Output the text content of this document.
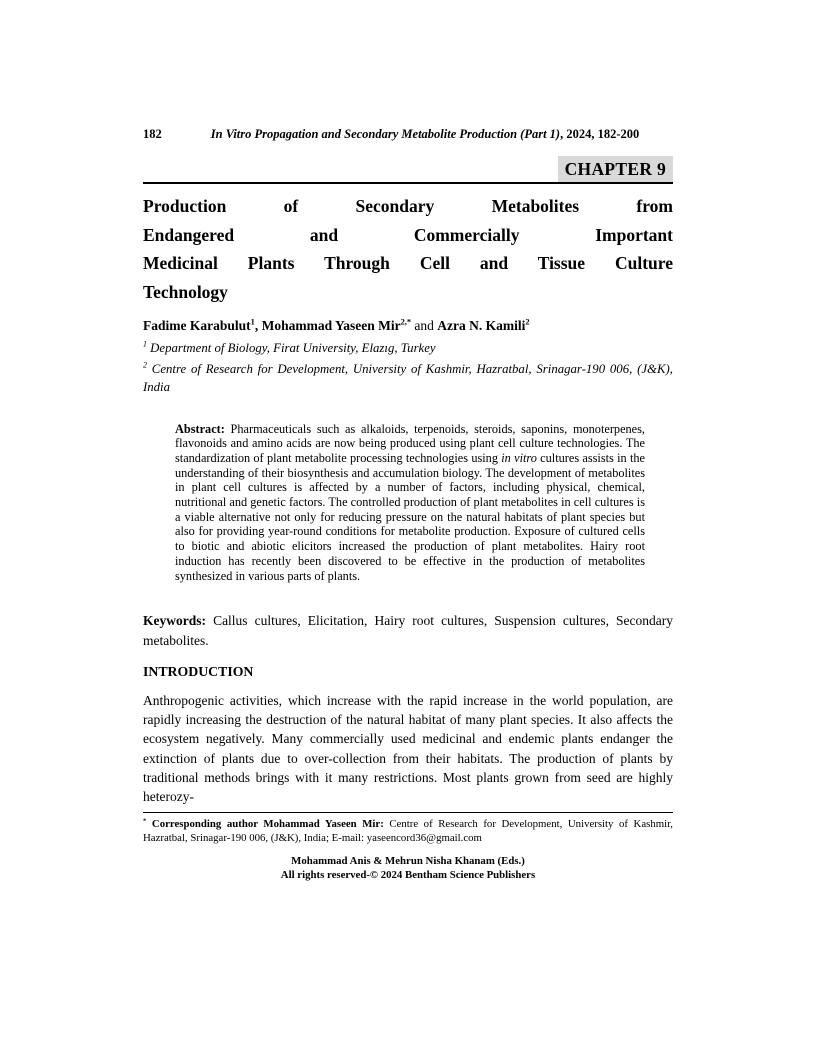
182	In Vitro Propagation and Secondary Metabolite Production (Part 1), 2024, 182-200
CHAPTER 9
Production of Secondary Metabolites from
Endangered and Commercially Important
Medicinal Plants Through Cell and Tissue Culture
Technology

Fadime Karabulut$^1$, Mohammad Yaseen Mir$^{2,*}$ and Azra N. Kamili$^2$

$^1$ Department of Biology, Firat University, Elazıg, Turkey

$^2$ Centre of Research for Development, University of Kashmir, Hazratbal, Srinagar-190 006, (J&K), India

Abstract: Pharmaceuticals such as alkaloids, terpenoids, steroids, saponins, monoterpenes, flavonoids and amino acids are now being produced using plant cell culture technologies. The standardization of plant metabolite processing technologies using in vitro cultures assists in the understanding of their biosynthesis and accumulation biology. The development of metabolites in plant cell cultures is affected by a number of factors, including physical, chemical, nutritional and genetic factors. The controlled production of plant metabolites in cell cultures is a viable alternative not only for reducing pressure on the natural habitats of plant species but also for providing year-round conditions for metabolite production. Exposure of cultured cells to biotic and abiotic elicitors increased the production of plant metabolites. Hairy root induction has recently been discovered to be effective in the production of metabolites synthesized in various parts of plants.

Keywords: Callus cultures, Elicitation, Hairy root cultures, Suspension cultures, Secondary metabolites.

INTRODUCTION

Anthropogenic activities, which increase with the rapid increase in the world population, are rapidly increasing the destruction of the natural habitat of many plant species. It also affects the ecosystem negatively. Many commercially used medicinal and endemic plants endanger the extinction of plants due to over-collection from their habitats. The production of plants by traditional methods brings with it many restrictions. Most plants grown from seed are highly heterozy-

* Corresponding author Mohammad Yaseen Mir: Centre of Research for Development, University of Kashmir, Hazratbal, Srinagar-190 006, (J&K), India; E-mail: yaseencord36@gmail.com

Mohammad Anis & Mehrun Nisha Khanam (Eds.)

All rights reserved-© 2024 Bentham Science Publishers
